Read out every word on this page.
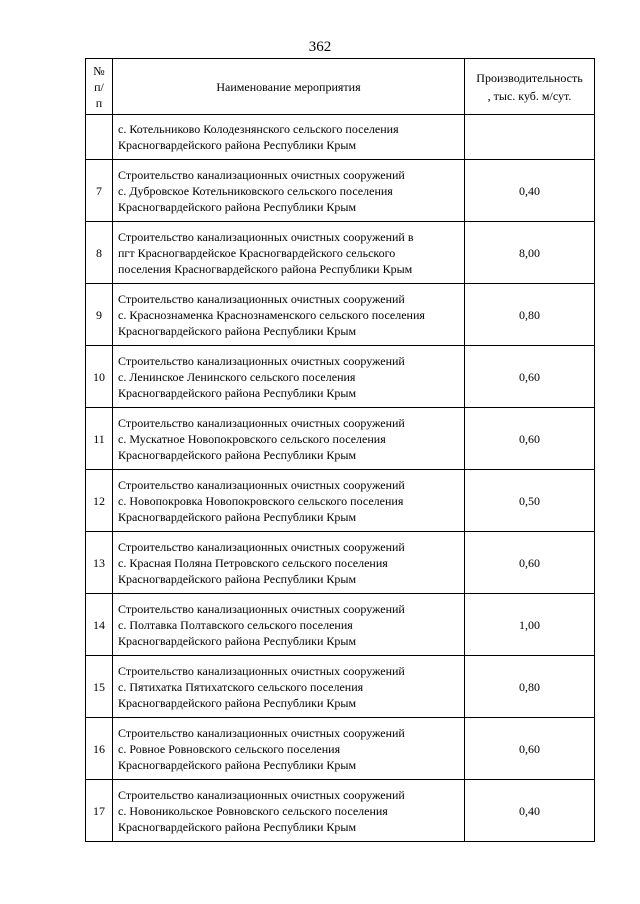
362
№
п/
п	Наименование мероприятия	Производительность
, тыс. куб. м/сут.

	с. Котельниково Колодезнянского сельского поселения
Красногвардейского района Республики Крым	

7	Строительство канализационных очистных сооружений
с. Дубровское Котельниковского сельского поселения
Красногвардейского района Республики Крым	0,40
8	Строительство канализационных очистных сооружений в
пгт Красногвардейское Красногвардейского сельского
поселения Красногвардейского района Республики Крым	8,00
9	Строительство канализационных очистных сооружений
с. Краснознаменка Краснознаменского сельского поселения
Красногвардейского района Республики Крым	0,80
10	Строительство канализационных очистных сооружений
с. Ленинское Ленинского сельского поселения
Красногвардейского района Республики Крым	0,60
11	Строительство канализационных очистных сооружений
с. Мускатное Новопокровского сельского поселения
Красногвардейского района Республики Крым	0,60
12	Строительство канализационных очистных сооружений
с. Новопокровка Новопокровского сельского поселения
Красногвардейского района Республики Крым	0,50
13	Строительство канализационных очистных сооружений
с. Красная Поляна Петровского сельского поселения
Красногвардейского района Республики Крым	0,60
14	Строительство канализационных очистных сооружений
с. Полтавка Полтавского сельского поселения
Красногвардейского района Республики Крым	1,00
15	Строительство канализационных очистных сооружений
с. Пятихатка Пятихатского сельского поселения
Красногвардейского района Республики Крым	0,80
16	Строительство канализационных очистных сооружений
с. Ровное Ровновского сельского поселения
Красногвардейского района Республики Крым	0,60
17	Строительство канализационных очистных сооружений
с. Новоникольское Ровновского сельского поселения
Красногвардейского района Республики Крым	0,40
